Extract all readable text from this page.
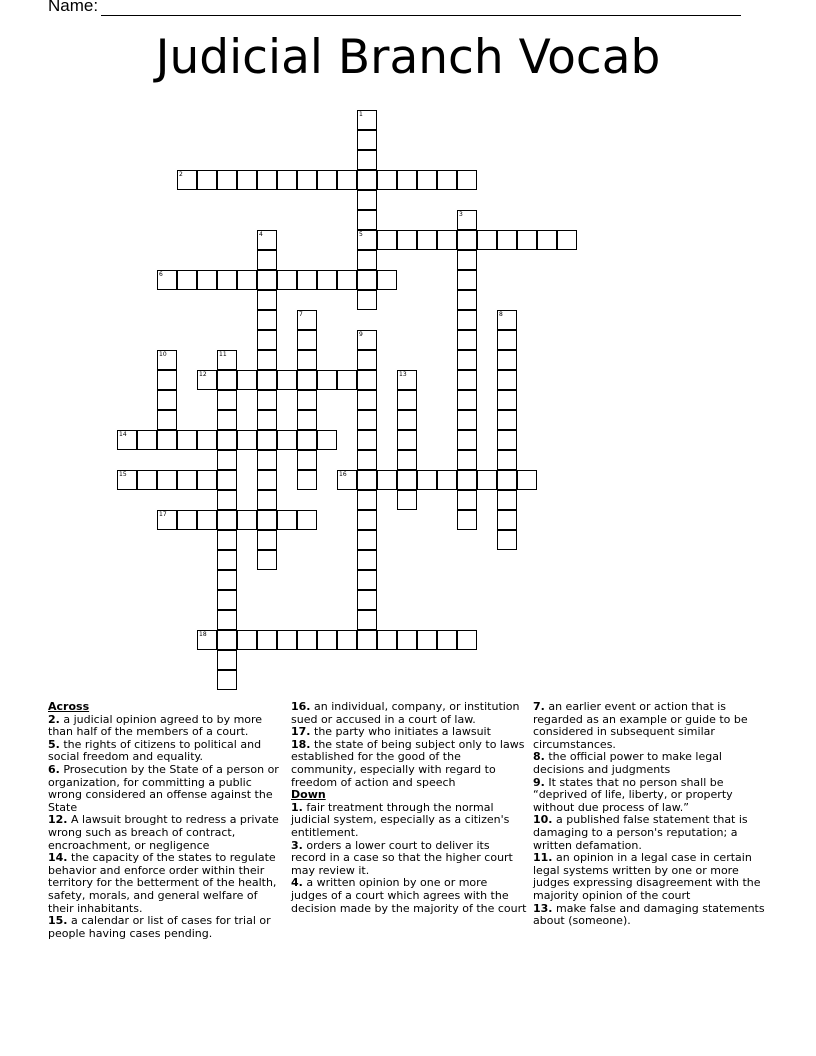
Name:
Judicial Branch Vocab
1
5
2
3
4
6
7	8
9
10	11
12	13
14
15	16
17
18

Across

2. a judicial opinion agreed to by more than half of the members of a court.

5. the rights of citizens to political and social freedom and equality.

6. Prosecution by the State of a person or organization, for committing a public wrong considered an offense against the State

12. A lawsuit brought to redress a private wrong such as breach of contract, encroachment, or negligence

14. the capacity of the states to regulate behavior and enforce order within their territory for the betterment of the health, safety, morals, and general welfare of their inhabitants.

15. a calendar or list of cases for trial or people having cases pending.

16. an individual, company, or institution sued or accused in a court of law.

17. the party who initiates a lawsuit

18. the state of being subject only to laws established for the good of the community, especially with regard to freedom of action and speech

Down

1. fair treatment through the normal judicial system, especially as a citizen's entitlement.

3. orders a lower court to deliver its record in a case so that the higher court may review it.

4. a written opinion by one or more judges of a court which agrees with the decision made by the majority of the court

7. an earlier event or action that is regarded as an example or guide to be considered in subsequent similar circumstances.

8. the official power to make legal decisions and judgments

9. It states that no person shall be “deprived of life, liberty, or property without due process of law.”

10. a published false statement that is damaging to a person's reputation; a written defamation.

11. an opinion in a legal case in certain legal systems written by one or more judges expressing disagreement with the majority opinion of the court

13. make false and damaging statements about (someone).
